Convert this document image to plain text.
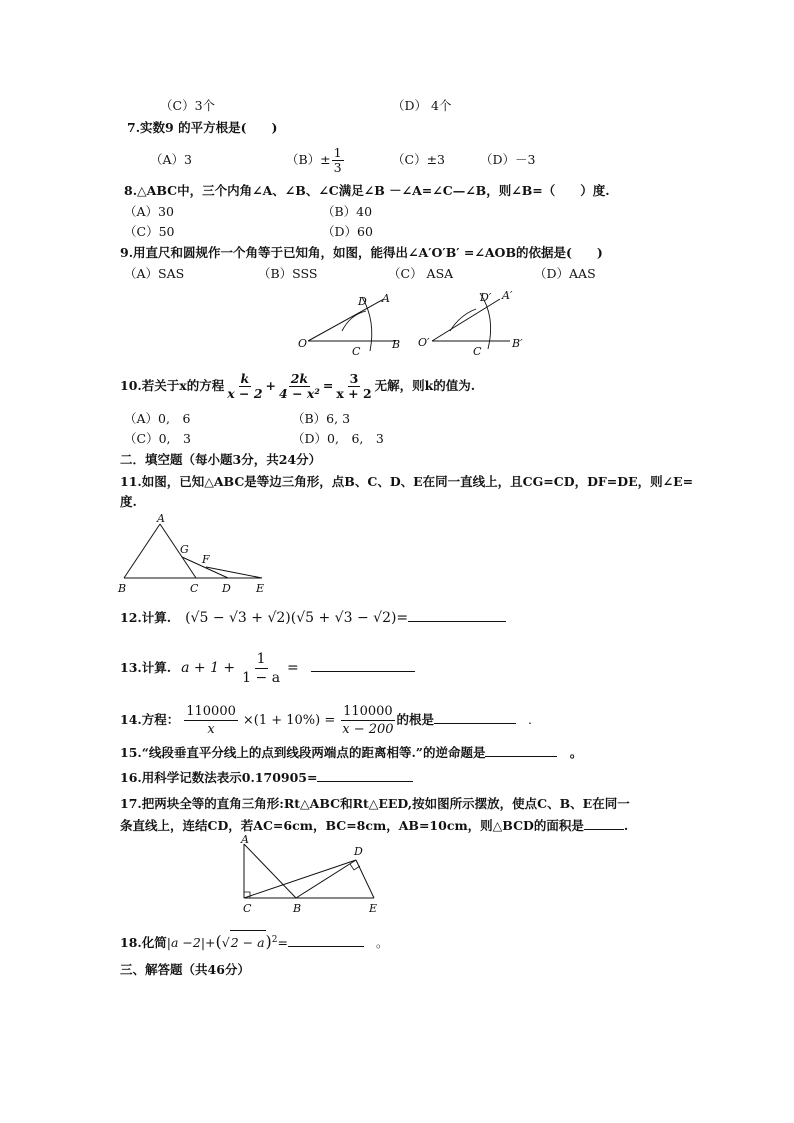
（C）3个	（D） 4个
7.实数9 的平方根是(　　)
（A）3	$(B)\pm \frac{1}{3}$	（C）±3	（D）－3
8.△ABC中，三个内角∠A、∠B、∠C满足∠B －∠A=∠C—∠B，则∠B=（　　）度.
（A）30	（B）40
（C）50	（D）60
9.用直尺和圆规作一个角等于已知角，如图，能得出∠A′O′B′ =∠AOB的依据是(　　)
（A）SAS	（B）SSS	（C） ASA	（D）AAS
O
A
D
B
C
O′
A′
D′
B′
C
10.若关于x的方程 $\frac{k}{x - 2} + \frac{2k}{\text{4 − x²}} = \frac{3}{x + 2}$ 无解，则k的值为.
（A）0,　6	（B）6, 3
（C）0,　3	（D）0,　6,　3
二．填空题（每小题3分，共24分）
11.如图，已知△ABC是等边三角形，点B、C、D、E在同一直线上，且CG=CD，DF=DE，则∠E=
度.
A
B	C D E
G
F
12.计算. (√5 − √3 + √2)(√5 + √3 − √2)=
13.计算. $a + 1 + \frac{1}{1 - a}$ =
14.方程： $\frac{110000}{x} \times(1 + 10\%) = \frac{110000}{x - 200}$ 的根是	.
15.“线段垂直平分线上的点到线段两端点的距离相等.”的逆命题是	。
16.用科学记数法表示0.170905=
17.把两块全等的直角三角形:Rt△ABC和Rt△EED,按如图所示摆放，使点C、B、E在同一
条直线上，连结CD，若AC=6cm，BC=8cm，AB=10cm，则△BCD的面积是	.
A
C	B
D
E
18.化简$|a -2|+(√2 - a)^2=$	。
三、解答题（共46分）
